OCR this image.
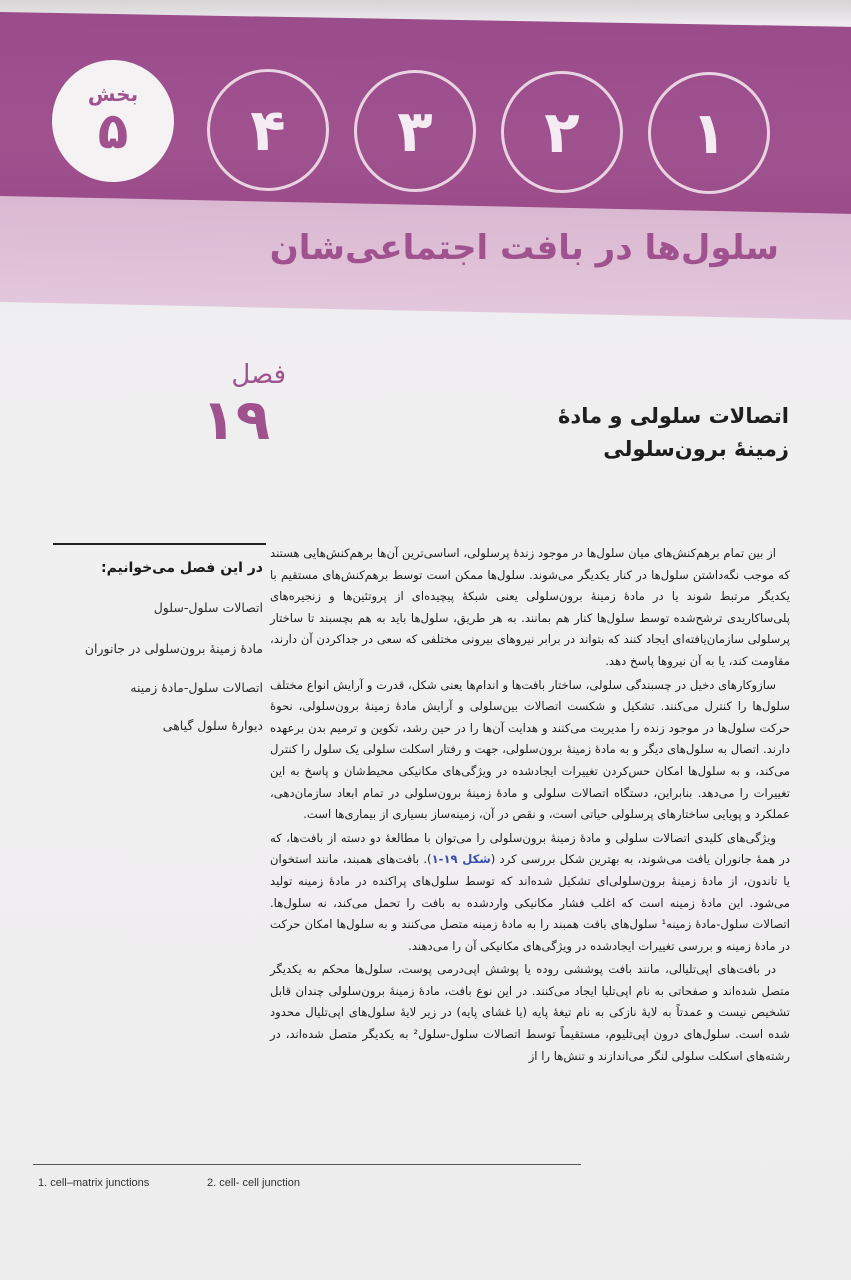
بخش
۵	۴	۳	۲	۱
سلول‌ها در بافت اجتماعی‌شان
فصل
۱۹	اتصالات سلولی و مادۀ
زمینۀ برون‌سلولی
در این فصل می‌خوانیم:
اتصالات سلول-سلول
مادۀ زمینۀ برون‌سلولی در جانوران
اتصالات سلول-مادۀ زمینه
دیوارۀ سلول گیاهی

از بین تمام برهم‌کنش‌های میان سلول‌ها در موجود زندۀ پرسلولی، اساسی‌ترین آن‌ها برهم‌کنش‌هایی هستند که موجب نگه‌داشتن سلول‌ها در کنار یکدیگر می‌شوند. سلول‌ها ممکن است توسط برهم‌کنش‌های مستقیم با یکدیگر مرتبط شوند یا در مادۀ زمینۀ برون‌سلولی یعنی شبکۀ پیچیده‌ای از پروتئین‌ها و زنجیره‌های پلی‌ساکاریدی ترشح‌شده توسط سلول‌ها کنار هم بمانند. به هر طریق، سلول‌ها باید به هم بچسبند تا ساختار پرسلولی سازمان‌یافته‌ای ایجاد کنند که بتواند در برابر نیروهای بیرونی مختلفی که سعی در جداکردن آن دارند، مقاومت کند، یا به آن نیروها پاسخ دهد.

سازوکارهای دخیل در چسبندگی سلولی، ساختار بافت‌ها و اندام‌ها یعنی شکل، قدرت و آرایش انواع مختلف سلول‌ها را کنترل می‌کنند. تشکیل و شکست اتصالات بین‌سلولی و آرایش مادۀ زمینۀ برون‌سلولی، نحوۀ حرکت سلول‌ها در موجود زنده را مدیریت می‌کنند و هدایت آن‌ها را در حین رشد، تکوین و ترمیم بدن برعهده دارند. اتصال به سلول‌های دیگر و به مادۀ زمینۀ برون‌سلولی، جهت و رفتار اسکلت سلولی یک سلول را کنترل می‌کند، و به سلول‌ها امکان حس‌کردن تغییرات ایجادشده در ویژگی‌های مکانیکی محیط‌شان و پاسخ به این تغییرات را می‌دهد. بنابراین، دستگاه اتصالات سلولی و مادۀ زمینۀ برون‌سلولی در تمام ابعاد سازمان‌دهی، عملکرد و پویایی ساختارهای پرسلولی حیاتی است، و نقص در آن، زمینه‌ساز بسیاری از بیماری‌ها است.

ویژگی‌های کلیدی اتصالات سلولی و مادۀ زمینۀ برون‌سلولی را می‌توان با مطالعۀ دو دسته از بافت‌ها، که در همۀ جانوران یافت می‌شوند، به بهترین شکل بررسی کرد (شکل ۱۹-۱). بافت‌های همبند، مانند استخوان یا تاندون، از مادۀ زمینۀ برون‌سلولی‌ای تشکیل شده‌اند که توسط سلول‌های پراکنده در مادۀ زمینه تولید می‌شود. این مادۀ زمینه است که اغلب فشار مکانیکی واردشده به بافت را تحمل می‌کند، نه سلول‌ها. اتصالات سلول-مادۀ زمینه¹ سلول‌های بافت همبند را به مادۀ زمینه متصل می‌کنند و به سلول‌ها امکان حرکت در مادۀ زمینه و بررسی تغییرات ایجادشده در ویژگی‌های مکانیکی آن را می‌دهند.

در بافت‌های اپی‌تلیالی، مانند بافت پوششی روده یا پوشش اپی‌درمی پوست، سلول‌ها محکم به یکدیگر متصل شده‌اند و صفحاتی به نام اپی‌تلیا ایجاد می‌کنند. در این نوع بافت، مادۀ زمینۀ برون‌سلولی چندان قابل تشخیص نیست و عمدتاً به لایۀ نازکی به نام تیغۀ پایه (یا غشای پایه) در زیر لایۀ سلول‌های اپی‌تلیال محدود شده است. سلول‌های درون اپی‌تلیوم، مستقیماً توسط اتصالات سلول-سلول² به یکدیگر متصل شده‌اند، در رشته‌های اسکلت سلولی لنگر می‌اندازند و تنش‌ها را از

1. cell–matrix junctions	2. cell- cell junction
